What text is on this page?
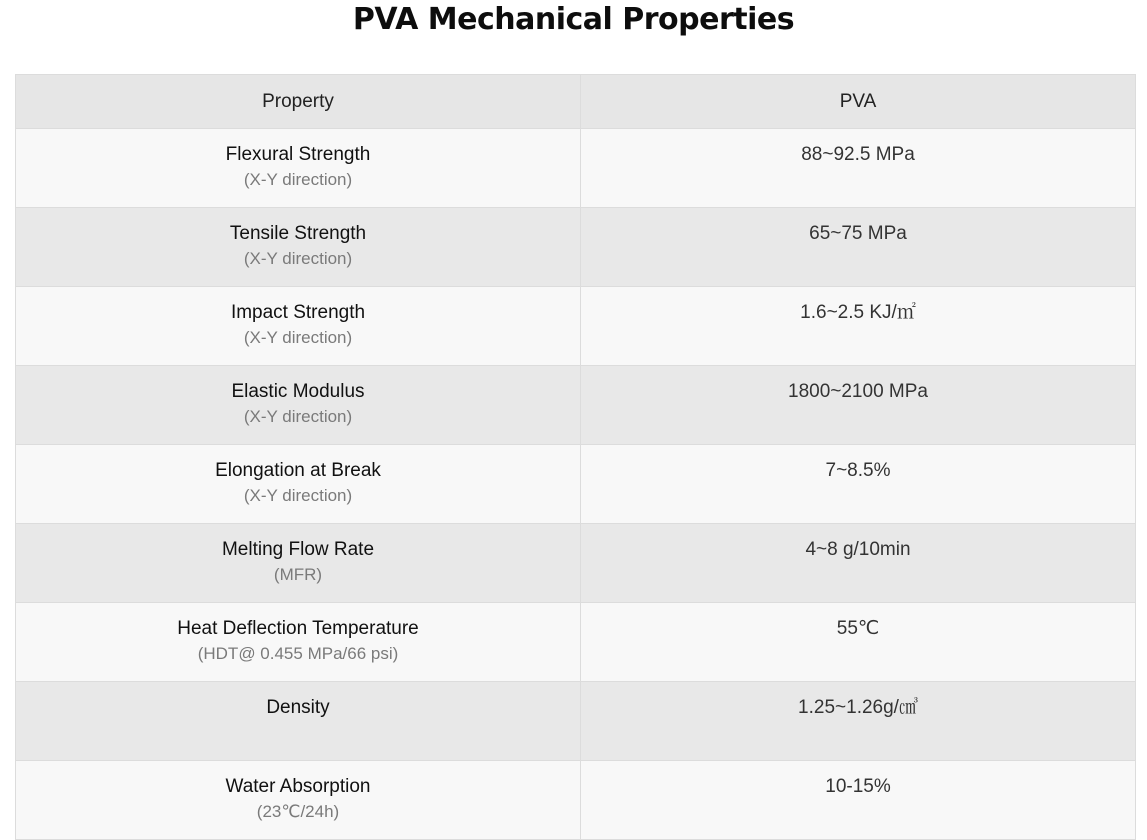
PVA Mechanical Properties
Property	PVA

Flexural Strength
(X-Y direction)	88~92.5 MPa

Tensile Strength
(X-Y direction)	65~75 MPa

Impact Strength
(X-Y direction)	1.6~2.5 KJ/㎡

Elastic Modulus
(X-Y direction)	1800~2100 MPa

Elongation at Break
(X-Y direction)	7~8.5%

Melting Flow Rate
(MFR)	4~8 g/10min

Heat Deflection Temperature
(HDT@ 0.455 MPa/66 psi)	55℃

Density	1.25~1.26g/㎤

Water Absorption
(23℃/24h)	10-15%
